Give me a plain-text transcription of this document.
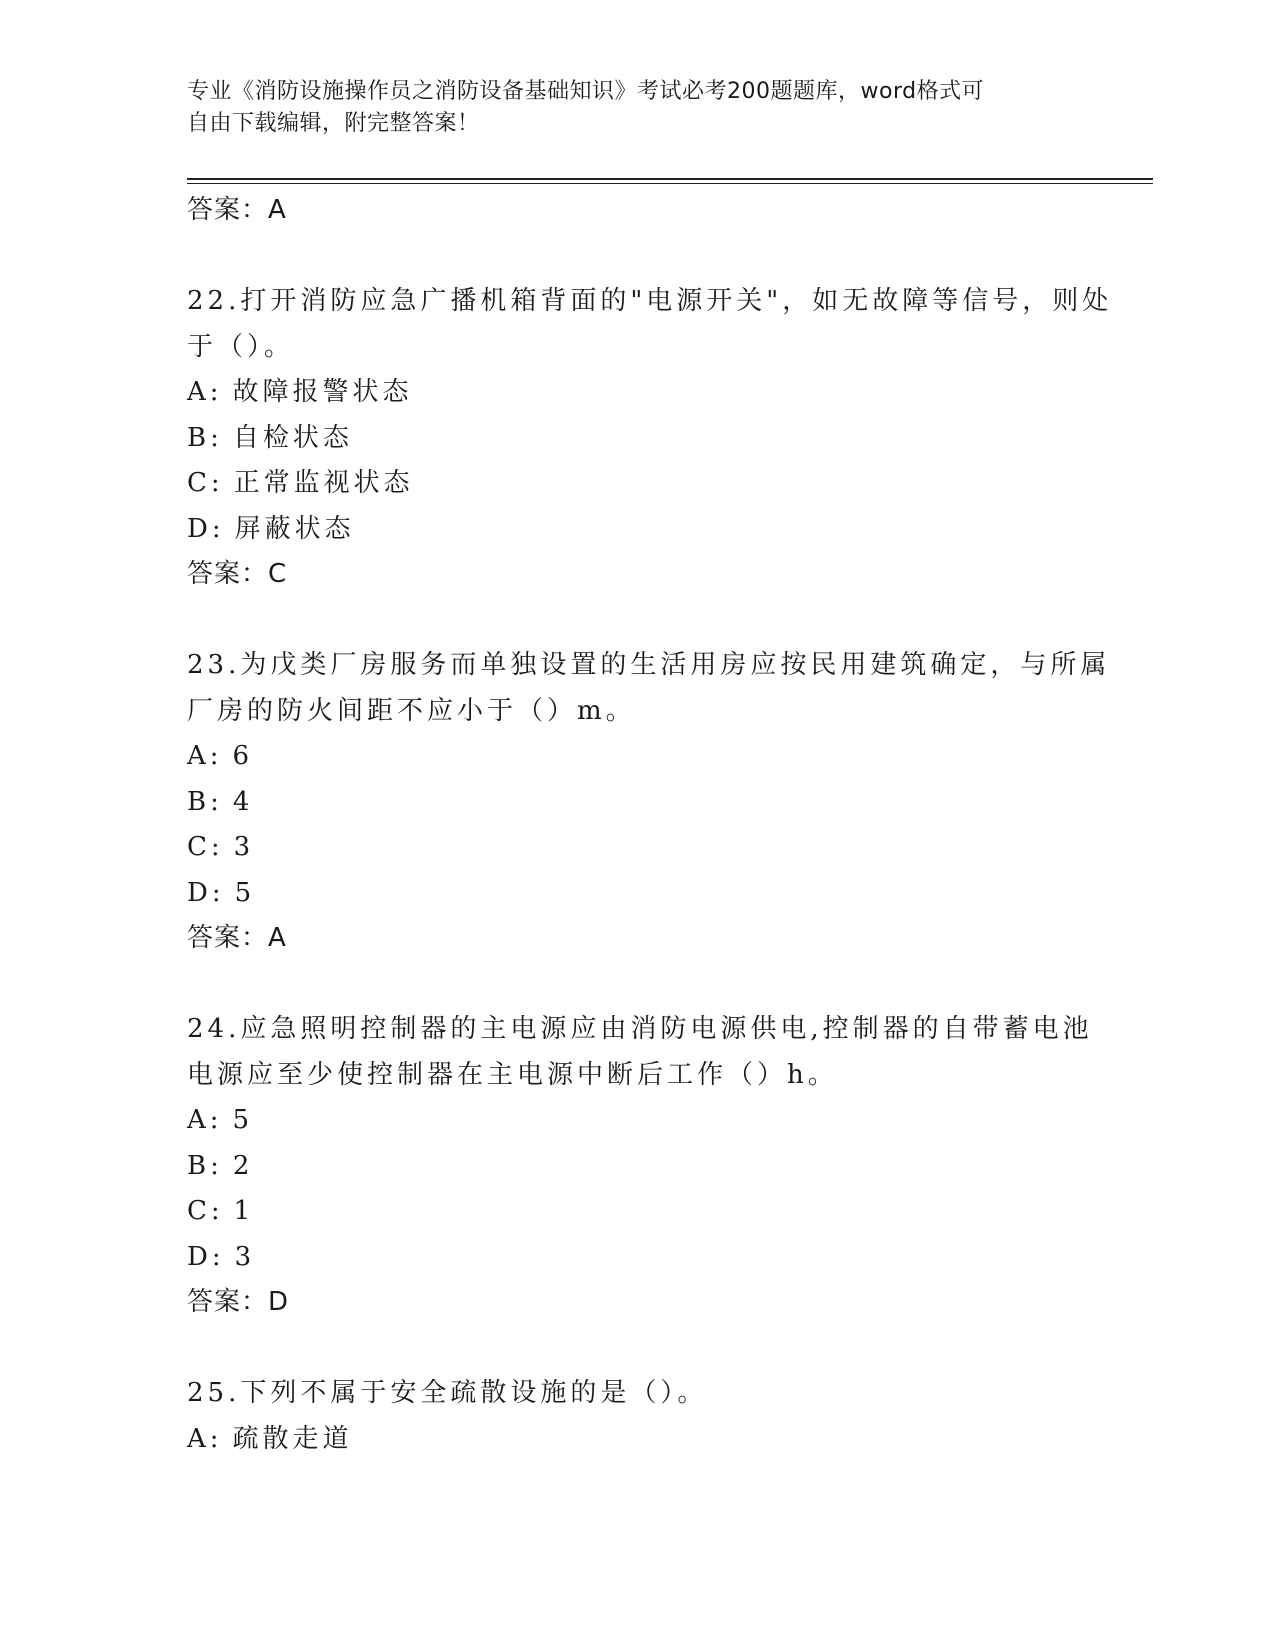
专业《消防设施操作员之消防设备基础知识》考试必考200题题库，word格式可
自由下载编辑，附完整答案！
答案：A
22.打开消防应急广播机箱背面的"电源开关"，如无故障等信号，则处
于（）。
A: 故障报警状态
B: 自检状态
C: 正常监视状态
D: 屏蔽状态
答案：C
23.为戊类厂房服务而单独设置的生活用房应按民用建筑确定，与所属
厂房的防火间距不应小于（）m。
A: 6
B: 4
C: 3
D: 5
答案：A
24.应急照明控制器的主电源应由消防电源供电,控制器的自带蓄电池
电源应至少使控制器在主电源中断后工作（）h。
A: 5
B: 2
C: 1
D: 3
答案：D
25.下列不属于安全疏散设施的是（）。
A: 疏散走道
